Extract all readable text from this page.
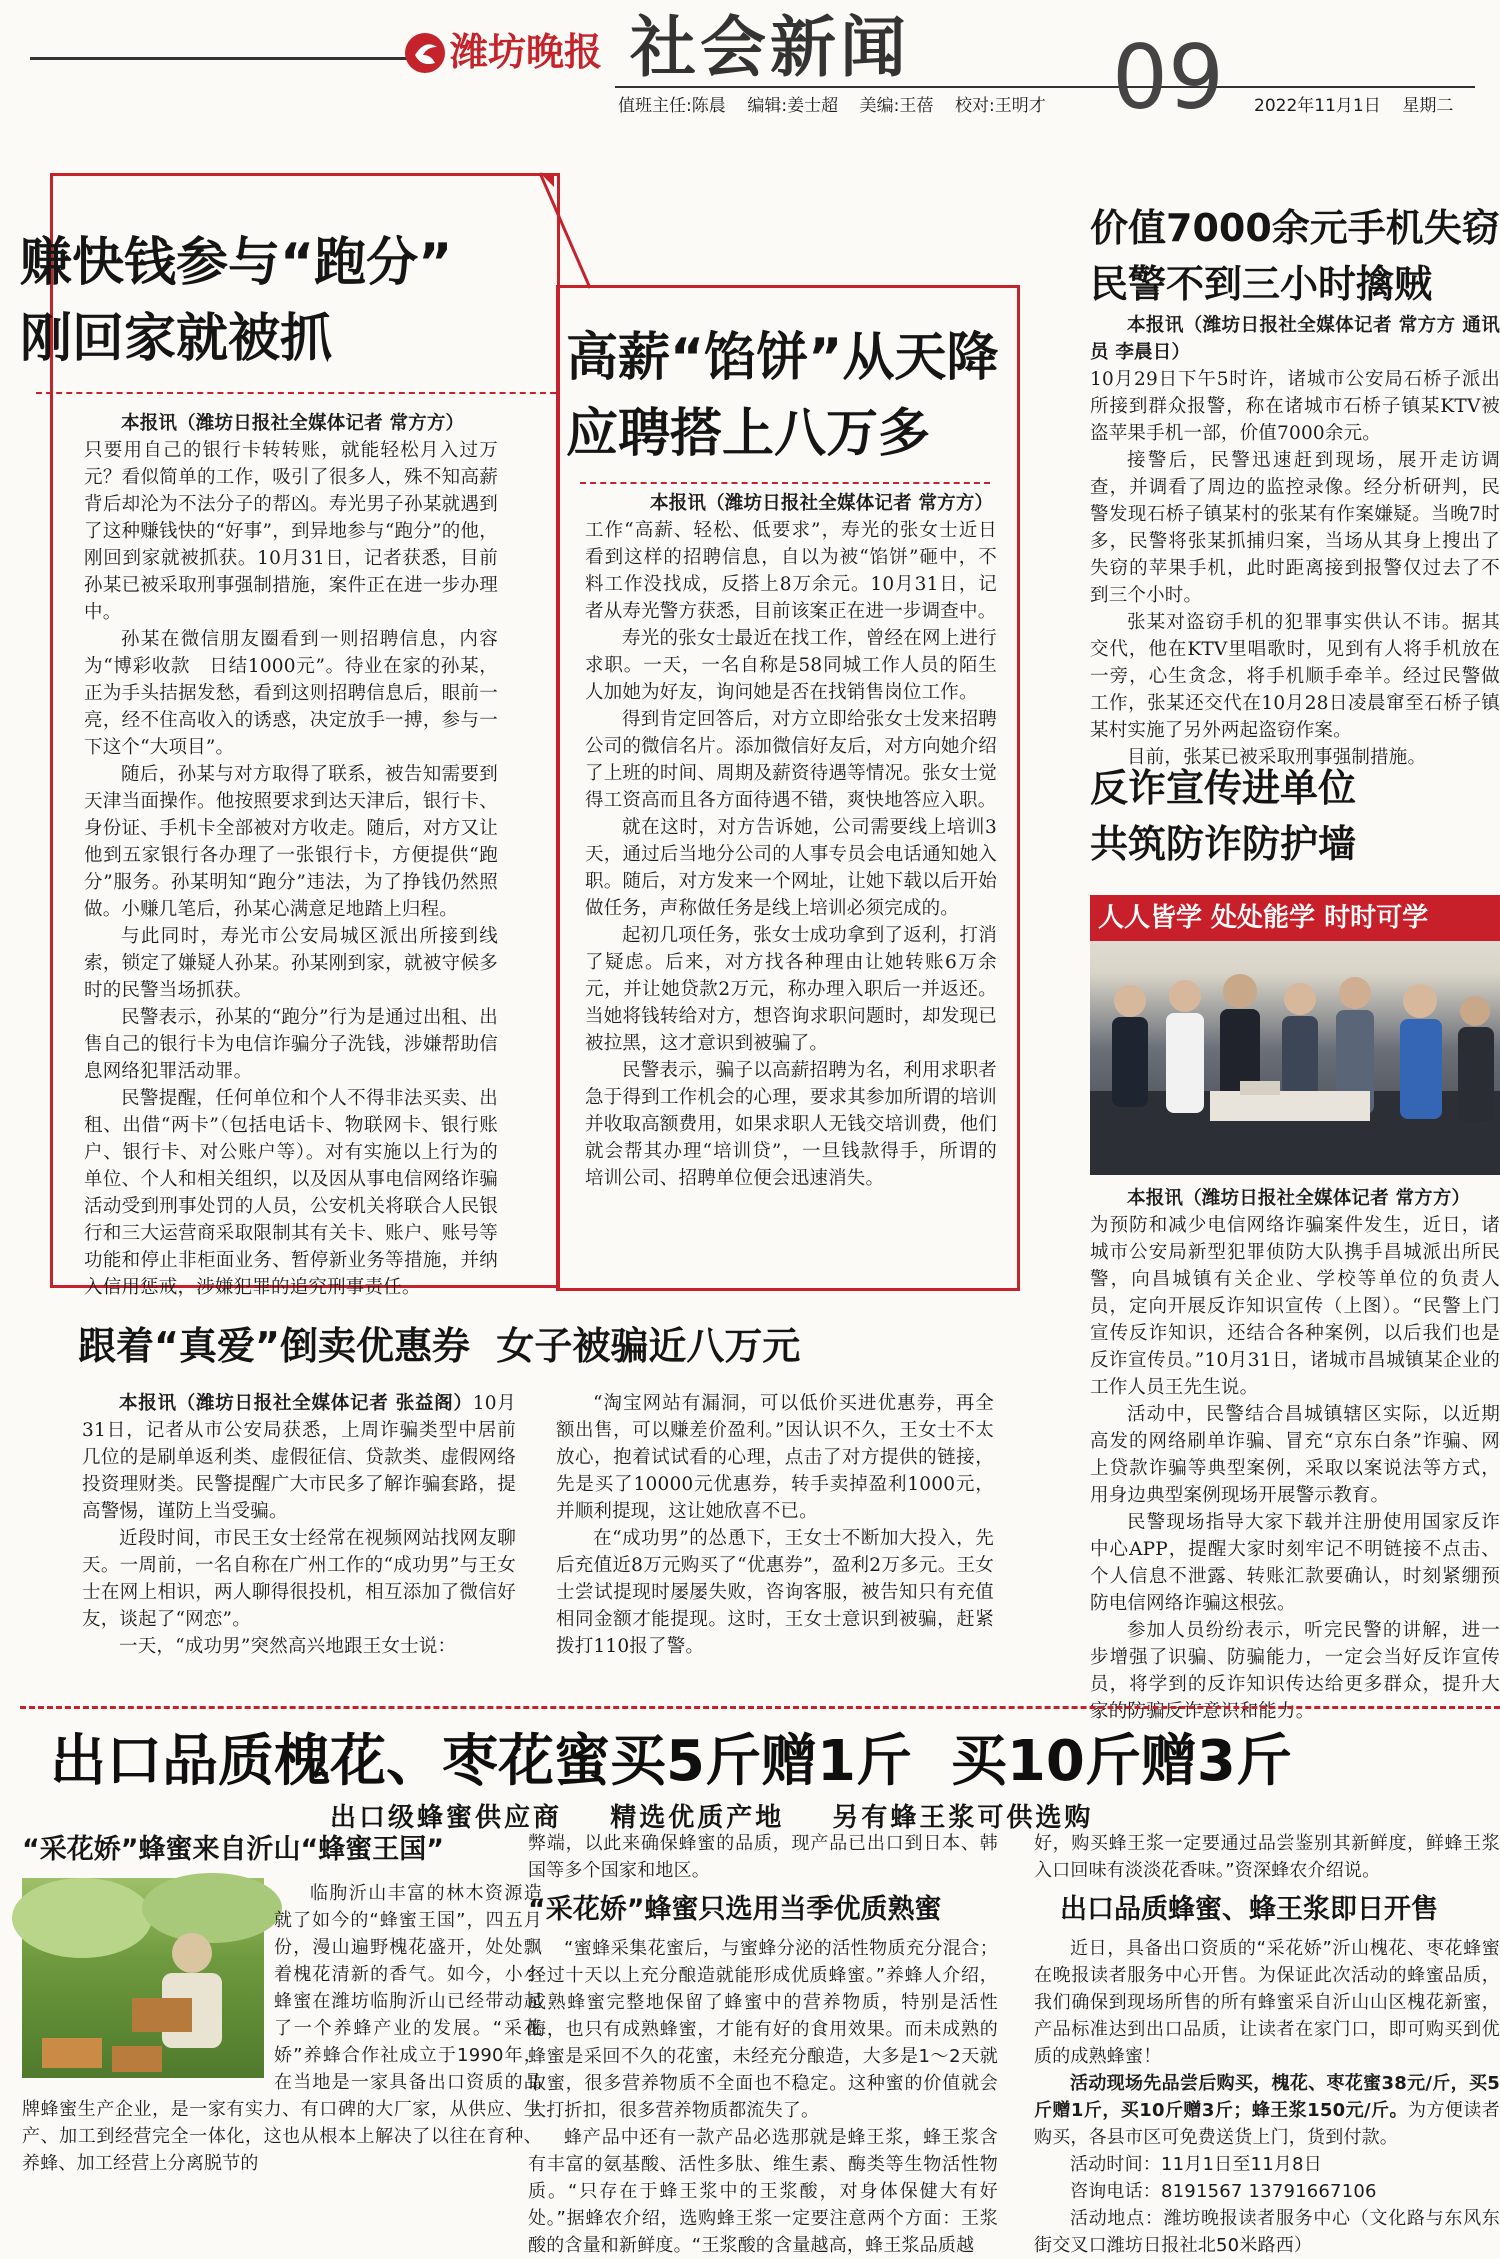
潍坊晚报 社会新闻
值班主任:陈晨    编辑:姜士超    美编:王蓓    校对:王明才 09 2022年11月1日    星期二
赚快钱参与“跑分”
刚回家就被抓

本报讯（潍坊日报社全媒体记者 常方方）

只要用自己的银行卡转转账，就能轻松月入过万元？看似简单的工作，吸引了很多人，殊不知高薪背后却沦为不法分子的帮凶。寿光男子孙某就遇到了这种赚钱快的“好事”，到异地参与“跑分”的他，刚回到家就被抓获。10月31日，记者获悉，目前孙某已被采取刑事强制措施，案件正在进一步办理中。

孙某在微信朋友圈看到一则招聘信息，内容为“博彩收款　日结1000元”。待业在家的孙某，正为手头拮据发愁，看到这则招聘信息后，眼前一亮，经不住高收入的诱惑，决定放手一搏，参与一下这个“大项目”。

随后，孙某与对方取得了联系，被告知需要到天津当面操作。他按照要求到达天津后，银行卡、身份证、手机卡全部被对方收走。随后，对方又让他到五家银行各办理了一张银行卡，方便提供“跑分”服务。孙某明知“跑分”违法，为了挣钱仍然照做。小赚几笔后，孙某心满意足地踏上归程。

与此同时，寿光市公安局城区派出所接到线索，锁定了嫌疑人孙某。孙某刚到家，就被守候多时的民警当场抓获。

民警表示，孙某的“跑分”行为是通过出租、出售自己的银行卡为电信诈骗分子洗钱，涉嫌帮助信息网络犯罪活动罪。

民警提醒，任何单位和个人不得非法买卖、出租、出借“两卡”（包括电话卡、物联网卡、银行账户、银行卡、对公账户等）。对有实施以上行为的单位、个人和相关组织，以及因从事电信网络诈骗活动受到刑事处罚的人员，公安机关将联合人民银行和三大运营商采取限制其有关卡、账户、账号等功能和停止非柜面业务、暂停新业务等措施，并纳入信用惩戒，涉嫌犯罪的追究刑事责任。

高薪“馅饼”从天降
应聘搭上八万多

本报讯（潍坊日报社全媒体记者 常方方）

工作“高薪、轻松、低要求”，寿光的张女士近日看到这样的招聘信息，自以为被“馅饼”砸中，不料工作没找成，反搭上8万余元。10月31日，记者从寿光警方获悉，目前该案正在进一步调查中。

寿光的张女士最近在找工作，曾经在网上进行求职。一天，一名自称是58同城工作人员的陌生人加她为好友，询问她是否在找销售岗位工作。

得到肯定回答后，对方立即给张女士发来招聘公司的微信名片。添加微信好友后，对方向她介绍了上班的时间、周期及薪资待遇等情况。张女士觉得工资高而且各方面待遇不错，爽快地答应入职。

就在这时，对方告诉她，公司需要线上培训3天，通过后当地分公司的人事专员会电话通知她入职。随后，对方发来一个网址，让她下载以后开始做任务，声称做任务是线上培训必须完成的。

起初几项任务，张女士成功拿到了返利，打消了疑虑。后来，对方找各种理由让她转账6万余元，并让她贷款2万元，称办理入职后一并返还。当她将钱转给对方，想咨询求职问题时，却发现已被拉黑，这才意识到被骗了。

民警表示，骗子以高薪招聘为名，利用求职者急于得到工作机会的心理，要求其参加所谓的培训并收取高额费用，如果求职人无钱交培训费，他们就会帮其办理“培训贷”，一旦钱款得手，所谓的培训公司、招聘单位便会迅速消失。

价值7000余元手机失窃
民警不到三小时擒贼

本报讯（潍坊日报社全媒体记者 常方方 通讯员 李晨日）

10月29日下午5时许，诸城市公安局石桥子派出所接到群众报警，称在诸城市石桥子镇某KTV被盗苹果手机一部，价值7000余元。

接警后，民警迅速赶到现场，展开走访调查，并调看了周边的监控录像。经分析研判，民警发现石桥子镇某村的张某有作案嫌疑。当晚7时多，民警将张某抓捕归案，当场从其身上搜出了失窃的苹果手机，此时距离接到报警仅过去了不到三个小时。

张某对盗窃手机的犯罪事实供认不讳。据其交代，他在KTV里唱歌时，见到有人将手机放在一旁，心生贪念，将手机顺手牵羊。经过民警做工作，张某还交代在10月28日凌晨窜至石桥子镇某村实施了另外两起盗窃作案。

目前，张某已被采取刑事强制措施。

反诈宣传进单位
共筑防诈防护墙
人人皆学 处处能学 时时可学

本报讯（潍坊日报社全媒体记者 常方方）

为预防和减少电信网络诈骗案件发生，近日，诸城市公安局新型犯罪侦防大队携手昌城派出所民警，向昌城镇有关企业、学校等单位的负责人员，定向开展反诈知识宣传（上图）。“民警上门宣传反诈知识，还结合各种案例，以后我们也是反诈宣传员。”10月31日，诸城市昌城镇某企业的工作人员王先生说。

活动中，民警结合昌城镇辖区实际，以近期高发的网络刷单诈骗、冒充“京东白条”诈骗、网上贷款诈骗等典型案例，采取以案说法等方式，用身边典型案例现场开展警示教育。

民警现场指导大家下载并注册使用国家反诈中心APP，提醒大家时刻牢记不明链接不点击、个人信息不泄露、转账汇款要确认，时刻紧绷预防电信网络诈骗这根弦。

参加人员纷纷表示，听完民警的讲解，进一步增强了识骗、防骗能力，一定会当好反诈宣传员，将学到的反诈知识传达给更多群众，提升大家的防骗反诈意识和能力。

跟着“真爱”倒卖优惠券  女子被骗近八万元

本报讯（潍坊日报社全媒体记者 张益阁）10月31日，记者从市公安局获悉，上周诈骗类型中居前几位的是刷单返利类、虚假征信、贷款类、虚假网络投资理财类。民警提醒广大市民多了解诈骗套路，提高警惕，谨防上当受骗。

近段时间，市民王女士经常在视频网站找网友聊天。一周前，一名自称在广州工作的“成功男”与王女士在网上相识，两人聊得很投机，相互添加了微信好友，谈起了“网恋”。

一天，“成功男”突然高兴地跟王女士说：

“淘宝网站有漏洞，可以低价买进优惠券，再全额出售，可以赚差价盈利。”因认识不久，王女士不太放心，抱着试试看的心理，点击了对方提供的链接，先是买了10000元优惠券，转手卖掉盈利1000元，并顺利提现，这让她欣喜不已。

在“成功男”的怂恿下，王女士不断加大投入，先后充值近8万元购买了“优惠券”，盈利2万多元。王女士尝试提现时屡屡失败，咨询客服，被告知只有充值相同金额才能提现。这时，王女士意识到被骗，赶紧拨打110报了警。

出口品质槐花、枣花蜜买5斤赠1斤  买10斤赠3斤
出口级蜂蜜供应商    精选优质产地    另有蜂王浆可供选购
“采花娇”蜂蜜来自沂山“蜂蜜王国”

临朐沂山丰富的林木资源造就了如今的“蜂蜜王国”，四五月份，漫山遍野槐花盛开，处处飘着槐花清新的香气。如今，小小蜂蜜在潍坊临朐沂山已经带动起了一个养蜂产业的发展。“采花娇”养蜂合作社成立于1990年，在当地是一家具备出口资质的品牌蜂蜜生产企业，是一家有实力、有口碑的大厂家，从供应、生产、加工到经营完全一体化，这也从根本上解决了以往在育种、养蜂、加工经营上分离脱节的

弊端，以此来确保蜂蜜的品质，现产品已出口到日本、韩国等多个国家和地区。
“采花娇”蜂蜜只选用当季优质熟蜜

“蜜蜂采集花蜜后，与蜜蜂分泌的活性物质充分混合；经过十天以上充分酿造就能形成优质蜂蜜。”养蜂人介绍，成熟蜂蜜完整地保留了蜂蜜中的营养物质，特别是活性酶，也只有成熟蜂蜜，才能有好的食用效果。而未成熟的蜂蜜是采回不久的花蜜，未经充分酿造，大多是1～2天就取蜜，很多营养物质不全面也不稳定。这种蜜的价值就会大打折扣，很多营养物质都流失了。

蜂产品中还有一款产品必选那就是蜂王浆，蜂王浆含有丰富的氨基酸、活性多肽、维生素、酶类等生物活性物质。“只存在于蜂王浆中的王浆酸，对身体保健大有好处。”据蜂农介绍，选购蜂王浆一定要注意两个方面：王浆酸的含量和新鲜度。“王浆酸的含量越高，蜂王浆品质越

好，购买蜂王浆一定要通过品尝鉴别其新鲜度，鲜蜂王浆入口回味有淡淡花香味。”资深蜂农介绍说。
出口品质蜂蜜、蜂王浆即日开售

近日，具备出口资质的“采花娇”沂山槐花、枣花蜂蜜在晚报读者服务中心开售。为保证此次活动的蜂蜜品质，我们确保到现场所售的所有蜂蜜采自沂山山区槐花新蜜，产品标准达到出口品质，让读者在家门口，即可购买到优质的成熟蜂蜜！

活动现场先品尝后购买，槐花、枣花蜜38元/斤，买5斤赠1斤，买10斤赠3斤；蜂王浆150元/斤。为方便读者购买，各县市区可免费送货上门，货到付款。

活动时间：11月1日至11月8日

咨询电话：8191567 13791667106

活动地点：潍坊晚报读者服务中心（文化路与东风东街交叉口潍坊日报社北50米路西）
